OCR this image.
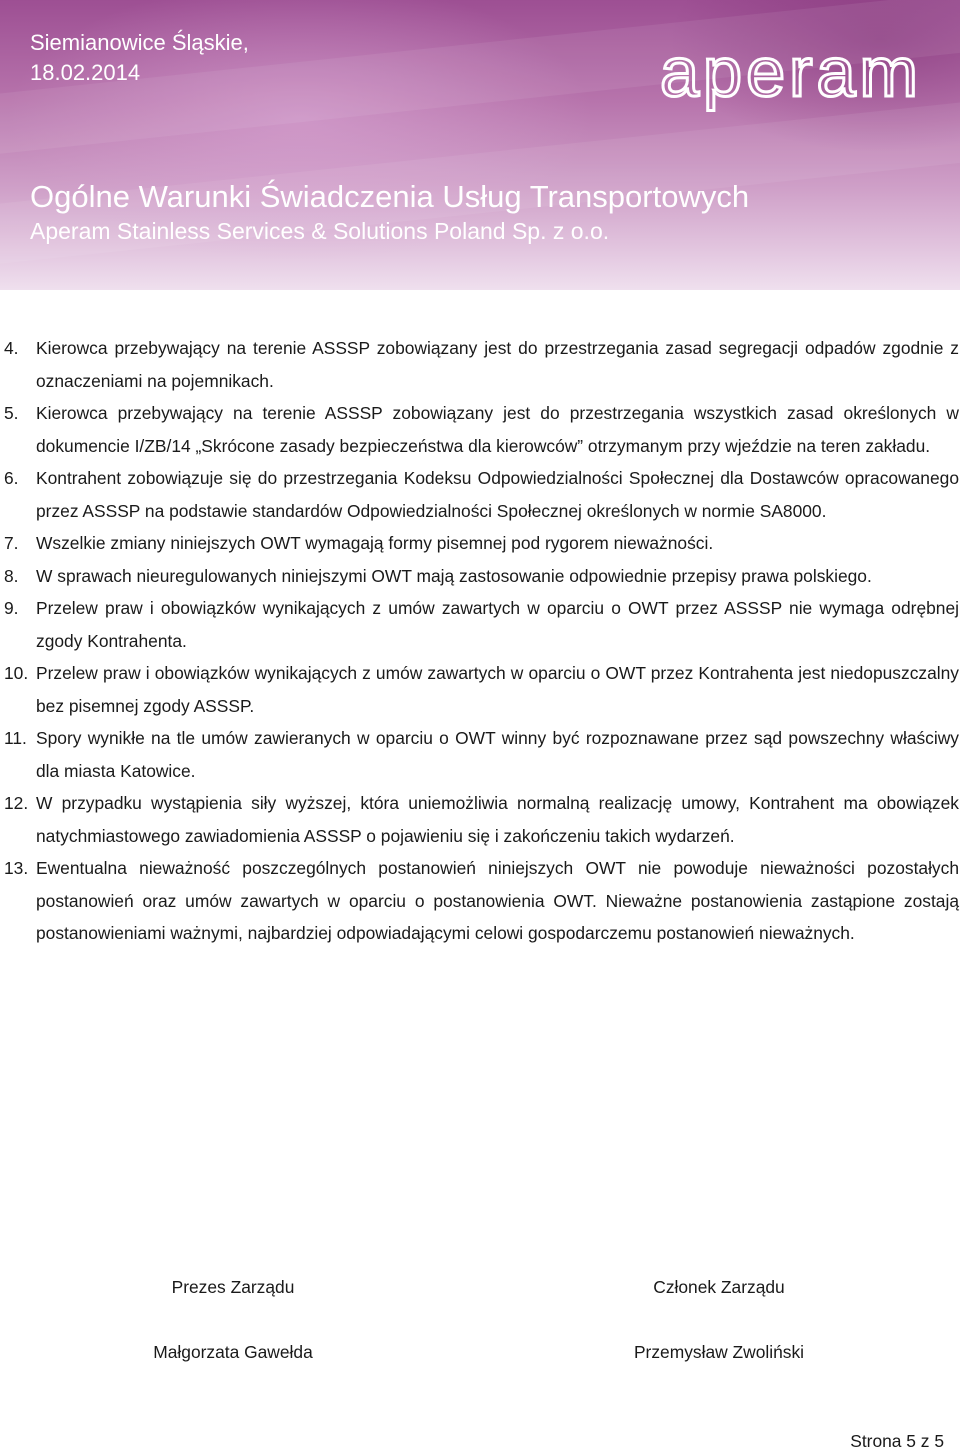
Siemianowice Śląskie,
18.02.2014	aperam
Ogólne Warunki Świadczenia Usług Transportowych
Aperam Stainless Services & Solutions Poland Sp. z o.o.
4.	Kierowca przebywający na terenie ASSSP zobowiązany jest do przestrzegania zasad segregacji odpadów zgodnie z oznaczeniami na pojemnikach.
5.	Kierowca przebywający na terenie ASSSP zobowiązany jest do przestrzegania wszystkich zasad określonych w dokumencie I/ZB/14 „Skrócone zasady bezpieczeństwa dla kierowców” otrzymanym przy wjeździe na teren zakładu.
6.	Kontrahent zobowiązuje się do przestrzegania Kodeksu Odpowiedzialności Społecznej dla Dostawców opracowanego przez ASSSP na podstawie standardów Odpowiedzialności Społecznej określonych w normie SA8000.
7.	Wszelkie zmiany niniejszych OWT wymagają formy pisemnej pod rygorem nieważności.
8.	W sprawach nieuregulowanych niniejszymi OWT mają zastosowanie odpowiednie przepisy prawa polskiego.
9.	Przelew praw i obowiązków wynikających z umów zawartych w oparciu o OWT przez ASSSP nie wymaga odrębnej zgody Kontrahenta.
10. Przelew praw i obowiązków wynikających z umów zawartych w oparciu o OWT przez Kontrahenta jest niedopuszczalny bez pisemnej zgody ASSSP.
11. Spory wynikłe na tle umów zawieranych w oparciu o OWT winny być rozpoznawane przez sąd powszechny właściwy dla miasta Katowice.
12. W przypadku wystąpienia siły wyższej, która uniemożliwia normalną realizację umowy, Kontrahent ma obowiązek natychmiastowego zawiadomienia ASSSP o pojawieniu się i zakończeniu takich wydarzeń.
13. Ewentualna nieważność poszczególnych postanowień niniejszych OWT nie powoduje nieważności pozostałych postanowień oraz umów zawartych w oparciu o postanowienia OWT. Nieważne postanowienia zastąpione zostają postanowieniami ważnymi, najbardziej odpowiadającymi celowi gospodarczemu postanowień nieważnych.
Prezes Zarządu
Małgorzata Gawełda
Członek Zarządu
Przemysław Zwoliński
Strona 5 z 5
